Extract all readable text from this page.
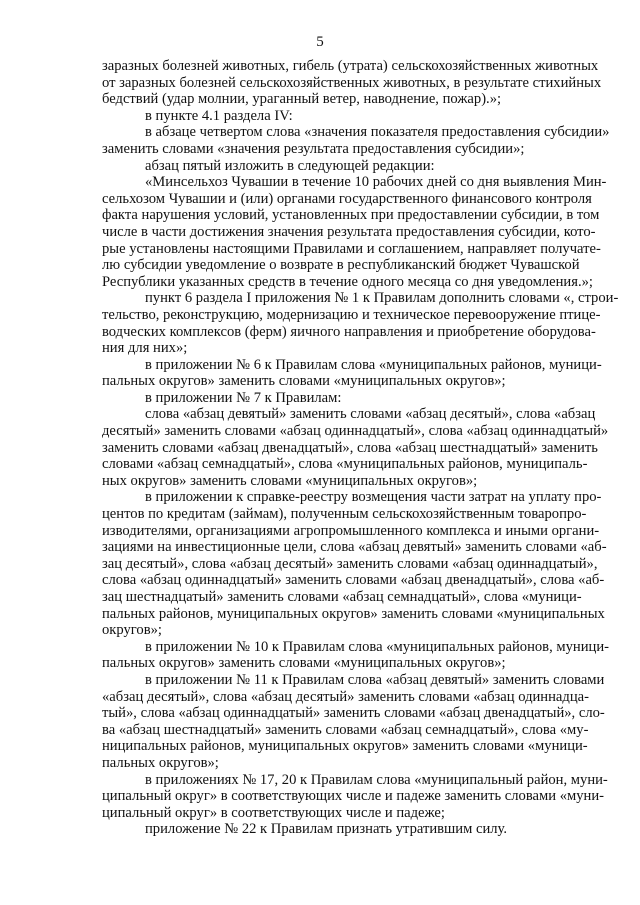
5
заразных болезней животных, гибель (утрата) сельскохозяйственных животных
от заразных болезней сельскохозяйственных животных, в результате стихийных
бедствий (удар молнии, ураганный ветер, наводнение, пожар).»;
в пункте 4.1 раздела IV:
в абзаце четвертом слова «значения показателя предоставления субсидии»
заменить словами «значения результата предоставления субсидии»;
абзац пятый изложить в следующей редакции:
«Минсельхоз Чувашии в течение 10 рабочих дней со дня выявления Мин-
сельхозом Чувашии и (или) органами государственного финансового контроля
факта нарушения условий, установленных при предоставлении субсидии, в том
числе в части достижения значения результата предоставления субсидии, кото-
рые установлены настоящими Правилами и соглашением, направляет получате-
лю субсидии уведомление о возврате в республиканский бюджет Чувашской
Республики указанных средств в течение одного месяца со дня уведомления.»;
пункт 6 раздела I приложения № 1 к Правилам дополнить словами «, строи-
тельство, реконструкцию, модернизацию и техническое перевооружение птице-
водческих комплексов (ферм) яичного направления и приобретение оборудова-
ния для них»;
в приложении № 6 к Правилам слова «муниципальных районов, муници-
пальных округов» заменить словами «муниципальных округов»;
в приложении № 7 к Правилам:
слова «абзац девятый» заменить словами «абзац десятый», слова «абзац
десятый» заменить словами «абзац одиннадцатый», слова «абзац одиннадцатый»
заменить словами «абзац двенадцатый», слова «абзац шестнадцатый» заменить
словами «абзац семнадцатый», слова «муниципальных районов, муниципаль-
ных округов» заменить словами «муниципальных округов»;
в приложении к справке-реестру возмещения части затрат на уплату про-
центов по кредитам (займам), полученным сельскохозяйственным товаропро-
изводителями, организациями агропромышленного комплекса и иными органи-
зациями на инвестиционные цели, слова «абзац девятый» заменить словами «аб-
зац десятый», слова «абзац десятый» заменить словами «абзац одиннадцатый»,
слова «абзац одиннадцатый» заменить словами «абзац двенадцатый», слова «аб-
зац шестнадцатый» заменить словами «абзац семнадцатый», слова «муници-
пальных районов, муниципальных округов» заменить словами «муниципальных
округов»;
в приложении № 10 к Правилам слова «муниципальных районов, муници-
пальных округов» заменить словами «муниципальных округов»;
в приложении № 11 к Правилам слова «абзац девятый» заменить словами
«абзац десятый», слова «абзац десятый» заменить словами «абзац одиннадца-
тый», слова «абзац одиннадцатый» заменить словами «абзац двенадцатый», сло-
ва «абзац шестнадцатый» заменить словами «абзац семнадцатый», слова «му-
ниципальных районов, муниципальных округов» заменить словами «муници-
пальных округов»;
в приложениях № 17, 20 к Правилам слова «муниципальный район, муни-
ципальный округ» в соответствующих числе и падеже заменить словами «муни-
ципальный округ» в соответствующих числе и падеже;
приложение № 22 к Правилам признать утратившим силу.
